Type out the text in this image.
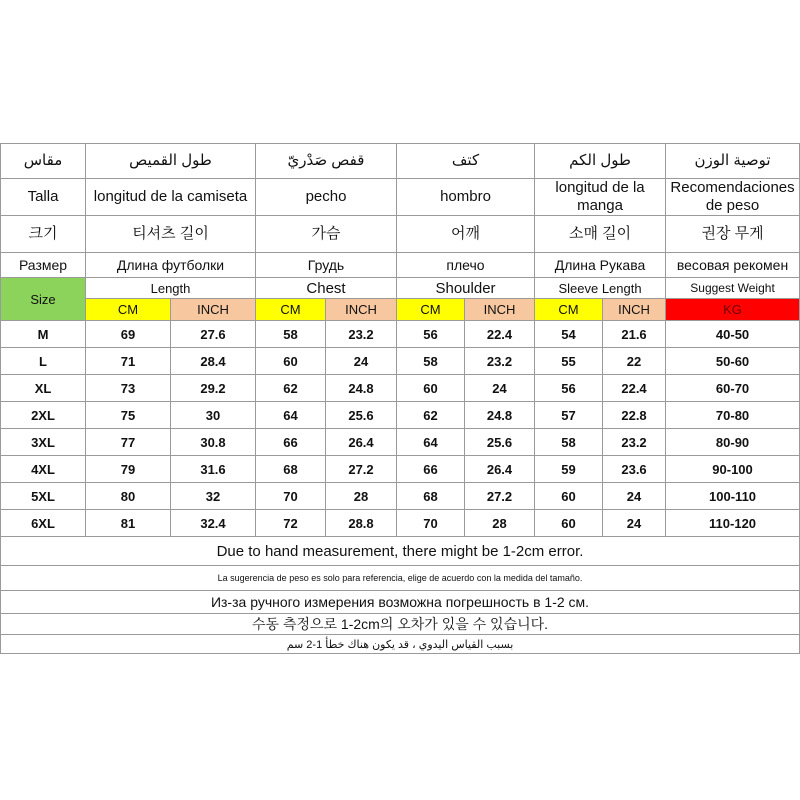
مقاس	طول القميص		قفص صَدْريّ		كتف		طول الكم		توصية الوزن
Talla	longitud de la camiseta		pecho		hombro		longitud de la manga		Recomendaciones de peso
크기	티셔츠 길이		가슴		어깨		소매 길이		권장 무게
Размер	Длина футболки		Грудь		плечо		Длина Рукава		весовая рекомен
Size	Length		Chest		Shoulder		Sleeve Length		Suggest Weight
	CM	INCH	CM	INCH	CM	INCH	CM	INCH	KG
M	69	27.6	58	23.2	56	22.4	54	21.6	40-50
L	71	28.4	60	24	58	23.2	55	22	50-60
XL	73	29.2	62	24.8	60	24	56	22.4	60-70
2XL	75	30	64	25.6	62	24.8	57	22.8	70-80
3XL	77	30.8	66	26.4	64	25.6	58	23.2	80-90
4XL	79	31.6	68	27.2	66	26.4	59	23.6	90-100
5XL	80	32	70	28	68	27.2	60	24	100-110
6XL	81	32.4	72	28.8	70	28	60	24	110-120
Due to hand measurement, there might be 1-2cm error.									
La sugerencia de peso es solo para referencia, elige de acuerdo con la medida del tamaño.									
Из-за ручного измерения возможна погрешность в 1-2 см.									
수동 측정으로 1-2cm의 오차가 있을 수 있습니다.									
بسبب القياس اليدوي ، قد يكون هناك خطأ 1-2 سم									
